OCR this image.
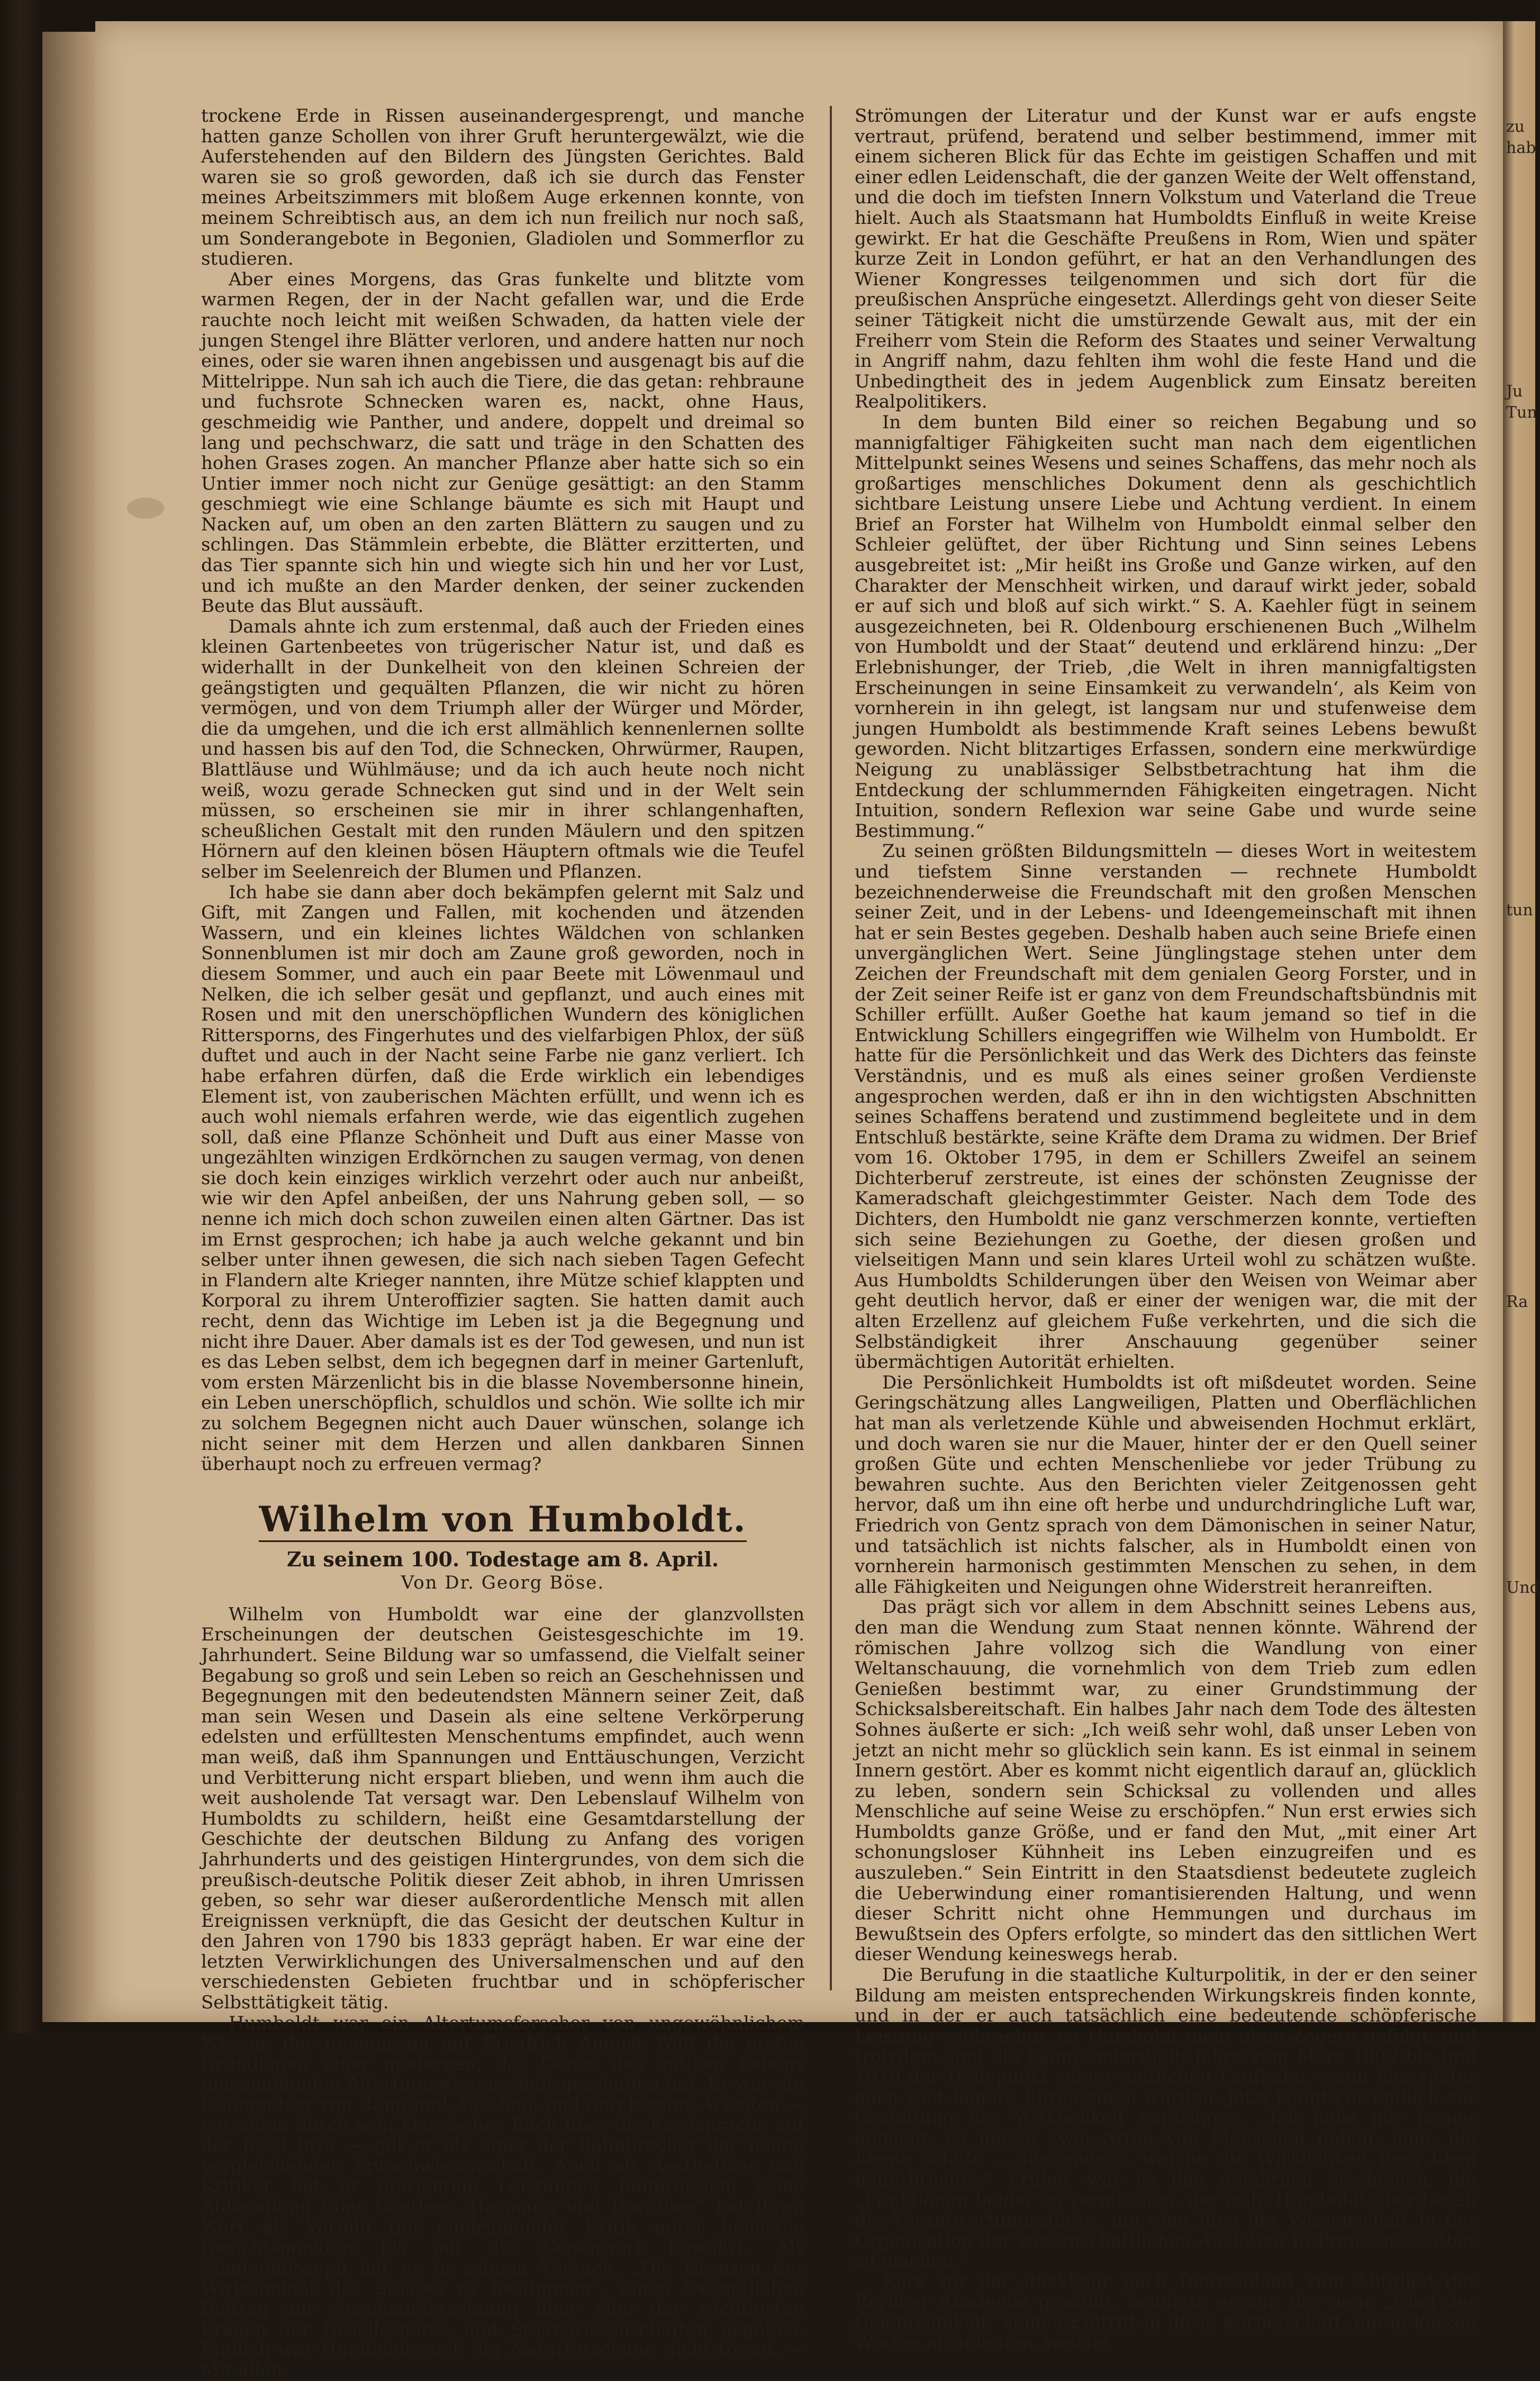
trockene Erde in Rissen auseinandergesprengt, und manche hatten ganze Schollen von ihrer Gruft heruntergewälzt, wie die Auferstehenden auf den Bildern des Jüngsten Gerichtes. Bald waren sie so groß geworden, daß ich sie durch das Fenster meines Arbeitszimmers mit bloßem Auge erkennen konnte, von meinem Schreibtisch aus, an dem ich nun freilich nur noch saß, um Sonderangebote in Begonien, Gladiolen und Sommerflor zu studieren.

Aber eines Morgens, das Gras funkelte und blitzte vom warmen Regen, der in der Nacht gefallen war, und die Erde rauchte noch leicht mit weißen Schwaden, da hatten viele der jungen Stengel ihre Blätter verloren, und andere hatten nur noch eines, oder sie waren ihnen angebissen und ausgenagt bis auf die Mittelrippe. Nun sah ich auch die Tiere, die das getan: rehbraune und fuchsrote Schnecken waren es, nackt, ohne Haus, geschmeidig wie Panther, und andere, doppelt und dreimal so lang und pechschwarz, die satt und träge in den Schatten des hohen Grases zogen. An mancher Pflanze aber hatte sich so ein Untier immer noch nicht zur Genüge gesättigt: an den Stamm geschmiegt wie eine Schlange bäumte es sich mit Haupt und Nacken auf, um oben an den zarten Blättern zu saugen und zu schlingen. Das Stämmlein erbebte, die Blätter erzitterten, und das Tier spannte sich hin und wiegte sich hin und her vor Lust, und ich mußte an den Marder denken, der seiner zuckenden Beute das Blut aussäuft.

Damals ahnte ich zum erstenmal, daß auch der Frieden eines kleinen Gartenbeetes von trügerischer Natur ist, und daß es widerhallt in der Dunkelheit von den kleinen Schreien der geängstigten und gequälten Pflanzen, die wir nicht zu hören vermögen, und von dem Triumph aller der Würger und Mörder, die da umgehen, und die ich erst allmählich kennenlernen sollte und hassen bis auf den Tod, die Schnecken, Ohrwürmer, Raupen, Blattläuse und Wühlmäuse; und da ich auch heute noch nicht weiß, wozu gerade Schnecken gut sind und in der Welt sein müssen, so erscheinen sie mir in ihrer schlangenhaften, scheußlichen Gestalt mit den runden Mäulern und den spitzen Hörnern auf den kleinen bösen Häuptern oftmals wie die Teufel selber im Seelenreich der Blumen und Pflanzen.

Ich habe sie dann aber doch bekämpfen gelernt mit Salz und Gift, mit Zangen und Fallen, mit kochenden und ätzenden Wassern, und ein kleines lichtes Wäldchen von schlanken Sonnenblumen ist mir doch am Zaune groß geworden, noch in diesem Sommer, und auch ein paar Beete mit Löwenmaul und Nelken, die ich selber gesät und gepflanzt, und auch eines mit Rosen und mit den unerschöpflichen Wundern des königlichen Rittersporns, des Fingerhutes und des vielfarbigen Phlox, der süß duftet und auch in der Nacht seine Farbe nie ganz verliert. Ich habe erfahren dürfen, daß die Erde wirklich ein lebendiges Element ist, von zauberischen Mächten erfüllt, und wenn ich es auch wohl niemals erfahren werde, wie das eigentlich zugehen soll, daß eine Pflanze Schönheit und Duft aus einer Masse von ungezählten winzigen Erdkörnchen zu saugen vermag, von denen sie doch kein einziges wirklich verzehrt oder auch nur anbeißt, wie wir den Apfel anbeißen, der uns Nahrung geben soll, — so nenne ich mich doch schon zuweilen einen alten Gärtner. Das ist im Ernst gesprochen; ich habe ja auch welche gekannt und bin selber unter ihnen gewesen, die sich nach sieben Tagen Gefecht in Flandern alte Krieger nannten, ihre Mütze schief klappten und Korporal zu ihrem Unteroffizier sagten. Sie hatten damit auch recht, denn das Wichtige im Leben ist ja die Begegnung und nicht ihre Dauer. Aber damals ist es der Tod gewesen, und nun ist es das Leben selbst, dem ich begegnen darf in meiner Gartenluft, vom ersten Märzenlicht bis in die blasse Novembersonne hinein, ein Leben unerschöpflich, schuldlos und schön. Wie sollte ich mir zu solchem Begegnen nicht auch Dauer wünschen, solange ich nicht seiner mit dem Herzen und allen dankbaren Sinnen überhaupt noch zu erfreuen vermag?

Wilhelm von Humboldt.
Zu seinem 100. Todestage am 8. April.
Von Dr. Georg Böse.

Wilhelm von Humboldt war eine der glanzvollsten Erscheinungen der deutschen Geistesgeschichte im 19. Jahrhundert. Seine Bildung war so umfassend, die Vielfalt seiner Begabung so groß und sein Leben so reich an Geschehnissen und Begegnungen mit den bedeutendsten Männern seiner Zeit, daß man sein Wesen und Dasein als eine seltene Verkörperung edelsten und erfülltesten Menschentums empfindet, auch wenn man weiß, daß ihm Spannungen und Enttäuschungen, Verzicht und Verbitterung nicht erspart blieben, und wenn ihm auch die weit ausholende Tat versagt war. Den Lebenslauf Wilhelm von Humboldts zu schildern, heißt eine Gesamtdarstellung der Geschichte der deutschen Bildung zu Anfang des vorigen Jahrhunderts und des geistigen Hintergrundes, von dem sich die preußisch-deutsche Politik dieser Zeit abhob, in ihren Umrissen geben, so sehr war dieser außerordentliche Mensch mit allen Ereignissen verknüpft, die das Gesicht der deutschen Kultur in den Jahren von 1790 bis 1833 geprägt haben. Er war eine der letzten Verwirklichungen des Universalmenschen und auf den verschiedensten Gebieten fruchtbar und in schöpferischer Selbsttätigkeit tätig.

Humboldt war ein Altertumsforscher von ungewöhnlichem Wissen, der gemeinsam mit Friedrich August Wolf die ersten Grundlagen einer modernen, das Ganze des antiken Lebens umspannenden Altertumswissenschaft geschaffen hat. Er war ein Uebersetzer von Rang und Ansehen, und durch seine Arbeiten — vor allem durch sein klassisches Buch über die Kawisprache auf der Insel Java — gilt er als einer der Bahnbrecher der neuen vergleichenden Sprachwissenschaft. Auch als Aesthetiker und Kritiker hat er gewichtige Leistungen hinterlassen; seine Abhandlung über Goethes „Hermann und Dorothea“ hat ihren Wert als Vorbild tief eindringender Kritik unter höchsten Gesichtspunkten bis auf die Gegenwart bewahrt. Als Staatsphilosoph hat er in seinem Versuch, „Die Grenzen der Wirksamkeit des Staates zu bestimmen“, einen wesentlichen Beitrag zur Auseinandersetzung über eine der wichtigsten Fragen der Gesellschafts- und Staatswissenschaften gegeben. Endlich war Humboldt auch der Naturforschung nicht fremd. — Mit allen

Strömungen der Literatur und der Kunst war er aufs engste vertraut, prüfend, beratend und selber bestimmend, immer mit einem sicheren Blick für das Echte im geistigen Schaffen und mit einer edlen Leidenschaft, die der ganzen Weite der Welt offenstand, und die doch im tiefsten Innern Volkstum und Vaterland die Treue hielt. Auch als Staatsmann hat Humboldts Einfluß in weite Kreise gewirkt. Er hat die Geschäfte Preußens in Rom, Wien und später kurze Zeit in London geführt, er hat an den Verhandlungen des Wiener Kongresses teilgenommen und sich dort für die preußischen Ansprüche eingesetzt. Allerdings geht von dieser Seite seiner Tätigkeit nicht die umstürzende Gewalt aus, mit der ein Freiherr vom Stein die Reform des Staates und seiner Verwaltung in Angriff nahm, dazu fehlten ihm wohl die feste Hand und die Unbedingtheit des in jedem Augenblick zum Einsatz bereiten Realpolitikers.

In dem bunten Bild einer so reichen Begabung und so mannigfaltiger Fähigkeiten sucht man nach dem eigentlichen Mittelpunkt seines Wesens und seines Schaffens, das mehr noch als großartiges menschliches Dokument denn als geschichtlich sichtbare Leistung unsere Liebe und Achtung verdient. In einem Brief an Forster hat Wilhelm von Humboldt einmal selber den Schleier gelüftet, der über Richtung und Sinn seines Lebens ausgebreitet ist: „Mir heißt ins Große und Ganze wirken, auf den Charakter der Menschheit wirken, und darauf wirkt jeder, sobald er auf sich und bloß auf sich wirkt.“ S. A. Kaehler fügt in seinem ausgezeichneten, bei R. Oldenbourg erschienenen Buch „Wilhelm von Humboldt und der Staat“ deutend und erklärend hinzu: „Der Erlebnishunger, der Trieb, ‚die Welt in ihren mannigfaltigsten Erscheinungen in seine Einsamkeit zu verwandeln‘, als Keim von vornherein in ihn gelegt, ist langsam nur und stufenweise dem jungen Humboldt als bestimmende Kraft seines Lebens bewußt geworden. Nicht blitzartiges Erfassen, sondern eine merkwürdige Neigung zu unablässiger Selbstbetrachtung hat ihm die Entdeckung der schlummernden Fähigkeiten eingetragen. Nicht Intuition, sondern Reflexion war seine Gabe und wurde seine Bestimmung.“

Zu seinen größten Bildungsmitteln — dieses Wort in weitestem und tiefstem Sinne verstanden — rechnete Humboldt bezeichnenderweise die Freundschaft mit den großen Menschen seiner Zeit, und in der Lebens- und Ideengemeinschaft mit ihnen hat er sein Bestes gegeben. Deshalb haben auch seine Briefe einen unvergänglichen Wert. Seine Jünglingstage stehen unter dem Zeichen der Freundschaft mit dem genialen Georg Forster, und in der Zeit seiner Reife ist er ganz von dem Freundschaftsbündnis mit Schiller erfüllt. Außer Goethe hat kaum jemand so tief in die Entwicklung Schillers eingegriffen wie Wilhelm von Humboldt. Er hatte für die Persönlichkeit und das Werk des Dichters das feinste Verständnis, und es muß als eines seiner großen Verdienste angesprochen werden, daß er ihn in den wichtigsten Abschnitten seines Schaffens beratend und zustimmend begleitete und in dem Entschluß bestärkte, seine Kräfte dem Drama zu widmen. Der Brief vom 16. Oktober 1795, in dem er Schillers Zweifel an seinem Dichterberuf zerstreute, ist eines der schönsten Zeugnisse der Kameradschaft gleichgestimmter Geister. Nach dem Tode des Dichters, den Humboldt nie ganz verschmerzen konnte, vertieften sich seine Beziehungen zu Goethe, der diesen großen und vielseitigen Mann und sein klares Urteil wohl zu schätzen wußte. Aus Humboldts Schilderungen über den Weisen von Weimar aber geht deutlich hervor, daß er einer der wenigen war, die mit der alten Erzellenz auf gleichem Fuße verkehrten, und die sich die Selbständigkeit ihrer Anschauung gegenüber seiner übermächtigen Autorität erhielten.

Die Persönlichkeit Humboldts ist oft mißdeutet worden. Seine Geringschätzung alles Langweiligen, Platten und Oberflächlichen hat man als verletzende Kühle und abweisenden Hochmut erklärt, und doch waren sie nur die Mauer, hinter der er den Quell seiner großen Güte und echten Menschenliebe vor jeder Trübung zu bewahren suchte. Aus den Berichten vieler Zeitgenossen geht hervor, daß um ihn eine oft herbe und undurchdringliche Luft war, Friedrich von Gentz sprach von dem Dämonischen in seiner Natur, und tatsächlich ist nichts falscher, als in Humboldt einen von vornherein harmonisch gestimmten Menschen zu sehen, in dem alle Fähigkeiten und Neigungen ohne Widerstreit heranreiften.

Das prägt sich vor allem in dem Abschnitt seines Lebens aus, den man die Wendung zum Staat nennen könnte. Während der römischen Jahre vollzog sich die Wandlung von einer Weltanschauung, die vornehmlich von dem Trieb zum edlen Genießen bestimmt war, zu einer Grundstimmung der Schicksalsbereitschaft. Ein halbes Jahr nach dem Tode des ältesten Sohnes äußerte er sich: „Ich weiß sehr wohl, daß unser Leben von jetzt an nicht mehr so glücklich sein kann. Es ist einmal in seinem Innern gestört. Aber es kommt nicht eigentlich darauf an, glücklich zu leben, sondern sein Schicksal zu vollenden und alles Menschliche auf seine Weise zu erschöpfen.“ Nun erst erwies sich Humboldts ganze Größe, und er fand den Mut, „mit einer Art schonungsloser Kühnheit ins Leben einzugreifen und es auszuleben.“ Sein Eintritt in den Staatsdienst bedeutete zugleich die Ueberwindung einer romantisierenden Haltung, und wenn dieser Schritt nicht ohne Hemmungen und durchaus im Bewußtsein des Opfers erfolgte, so mindert das den sittlichen Wert dieser Wendung keineswegs herab.

Die Berufung in die staatliche Kulturpolitik, in der er den seiner Bildung am meisten entsprechenden Wirkungskreis finden konnte, und in der er auch tatsächlich eine bedeutende schöpferische Leistung vollbrachte, ist Humboldt nicht ohne Zögern gefolgt, und trotzdem sind die kaum anderthalb Jahre vom März 1809 bis Juni 1810 der Höhepunkt seiner amtlichen Laufbahn, wenn ihm später auch weit höhere Ehren zuteil wurden. Jetzt konnte er endlich zur Gestaltung der Wirklichkeit vordringen. „Ich habe mir immer gedacht, es müsse zwei Arten von Menschen geben, eine, die Ideale schüfe ... die andere, welche die Wirklichkeit dem Ideal näherbrächte.“ Früher war es ihm gefährlich erschienen, die „Funktionen beider zu vermischen, der reife Humboldt aber besaß die Verantwortungsstärke, um eine Idee der Wissenschaft in der Organisation der wissenschaftlichen Anstalten in Preußen sichtbar zu machen.“

Kurz vor der Rückkehr nach Deutschland zum Mitglied der Berliner Akademie gewählt, benutzte er nun der neue „Chef der Gelehrsamkeit“ seinen Eintritt in diese Körperschaft, um in kurzen Worten anzudeuten, welche

zu
hab
Ju
Tun
tun
Ra
Und
